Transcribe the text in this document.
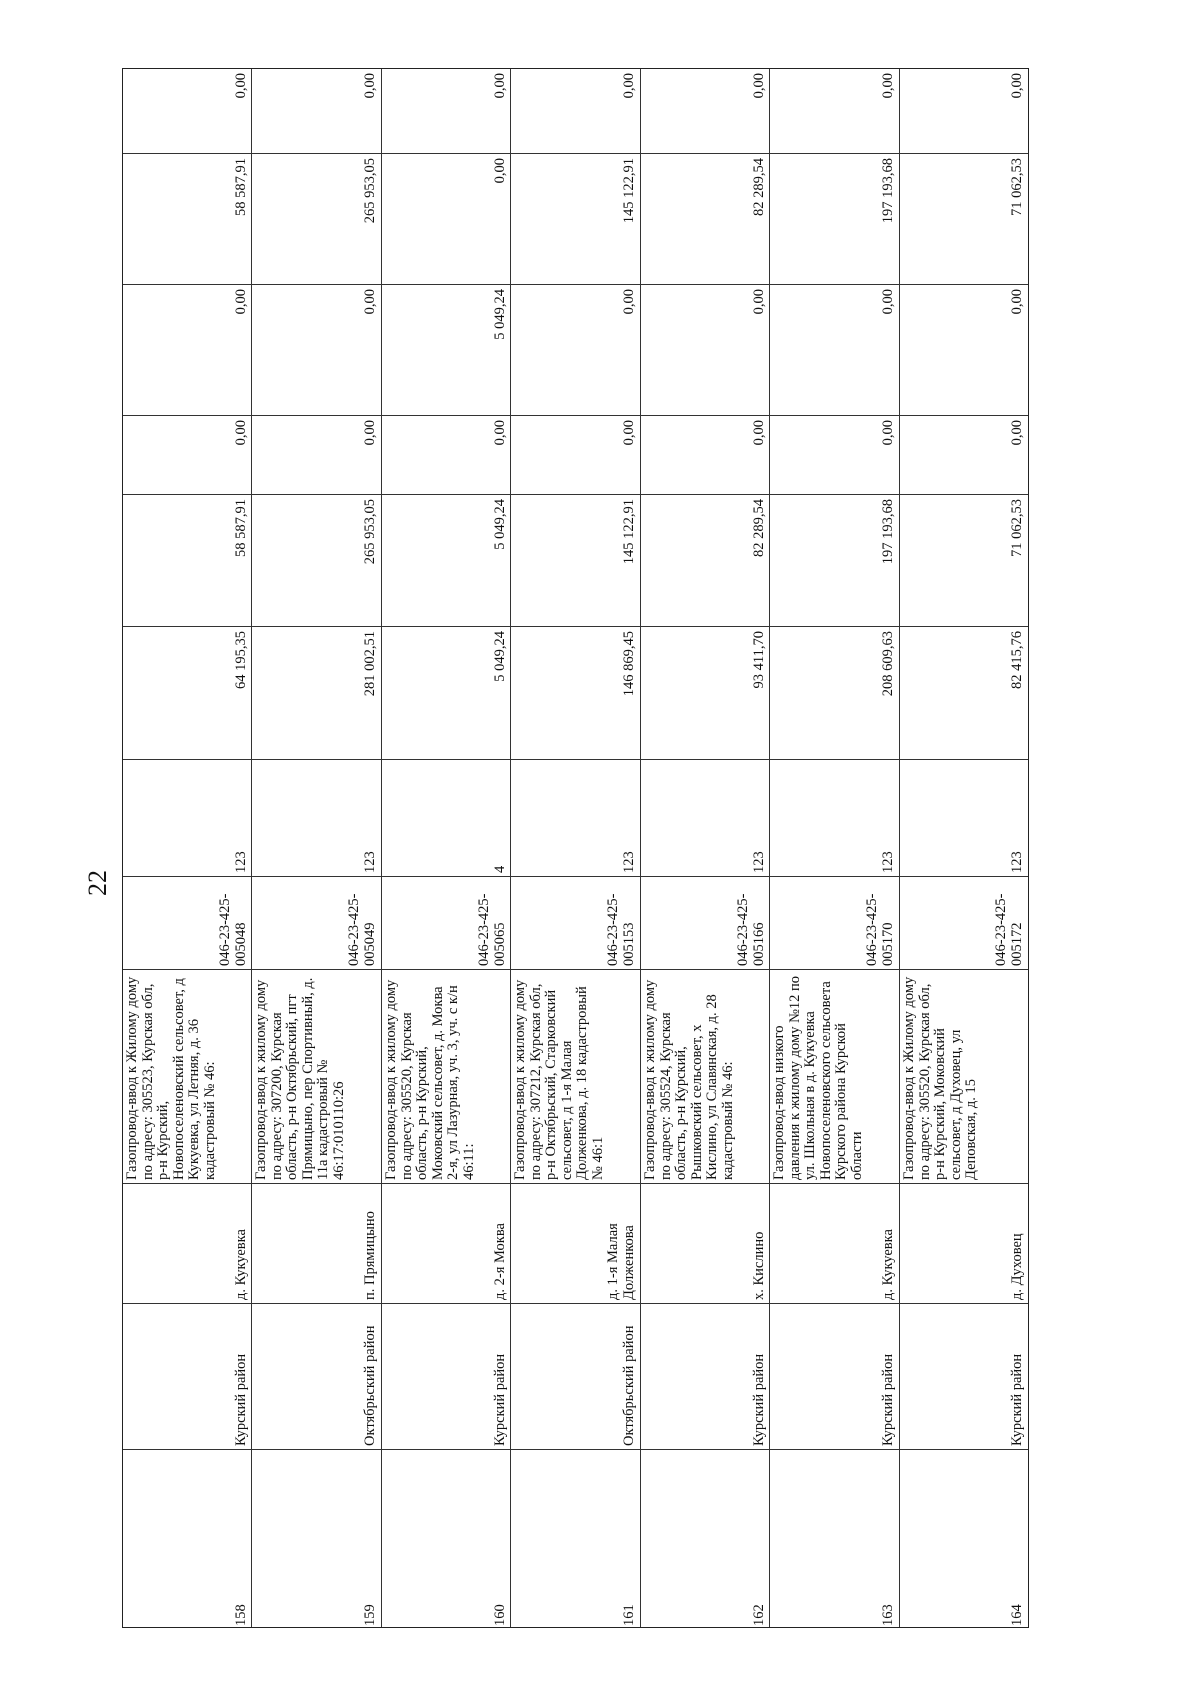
22
158
Курский район
д. Кукуевка
Газопровод-ввод к Жилому дому по адресу: 305523, Курская обл, р-н Курский, Новопоселеновский сельсовет, д Кукуевка, ул Летняя, д. 36 кадастровый № 46:
046-23-425-005048
123
64 195,35
58 587,91
0,00
0,00
58 587,91
0,00
159
Октябрьский район
п. Прямицыно
Газопровод-ввод к жилому дому по адресу: 307200, Курская область, р-н Октябрьский, пгт Прямицыно, пер Спортивный, д. 11а кадастровый № 46:17:010110:26
046-23-425-005049
123
281 002,51
265 953,05
0,00
0,00
265 953,05
0,00
160
Курский район
д. 2-я Моква
Газопровод-ввод к жилому дому по адресу: 305520, Курская область, р-н Курский, Моковский сельсовет, д. Моква 2-я, ул Лазурная, уч. 3, уч. с к/н 46:11:
046-23-425-005065
4
5 049,24
5 049,24
0,00
5 049,24
0,00
0,00
161
Октябрьский район
д. 1-я Малая Долженкова
Газопровод-ввод к жилому дому по адресу: 307212, Курская обл, р-н Октябрьский, Старковский сельсовет, д 1-я Малая Долженкова, д. 18 кадастровый № 46:1
046-23-425-005153
123
146 869,45
145 122,91
0,00
0,00
145 122,91
0,00
162
Курский район
х. Кислино
Газопровод-ввод к жилому дому по адресу: 305524, Курская область, р-н Курский, Рышковский сельсовет, х Кислино, ул Славянская, д. 28 кадастровый № 46:
046-23-425-005166
123
93 411,70
82 289,54
0,00
0,00
82 289,54
0,00
163
Курский район
д. Кукуевка
Газопровод-ввод низкого давления к жилому дому №12 по ул. Школьная в д. Кукуевка Новопоселеновского сельсовета Курского района Курской области
046-23-425-005170
123
208 609,63
197 193,68
0,00
0,00
197 193,68
0,00
164
Курский район
д. Духовец
Газопровод-ввод к Жилому дому по адресу: 305520, Курская обл, р-н Курский, Моковский сельсовет, д Духовец, ул Деповская, д. 15
046-23-425-005172
123
82 415,76
71 062,53
0,00
0,00
71 062,53
0,00
